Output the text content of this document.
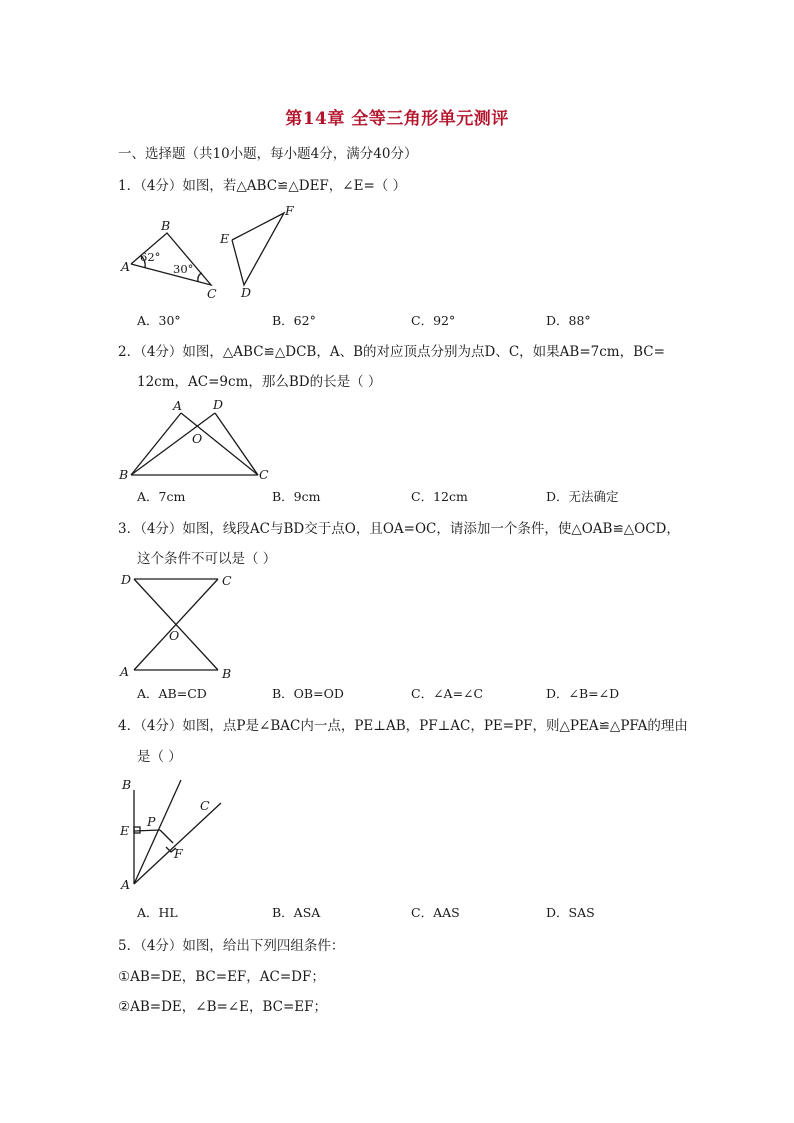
第14章 全等三角形单元测评
一、选择题（共10小题，每小题4分，满分40分）
1．（4分）如图，若△ABC≌△DEF，∠E=（ ）
A
B
C
62°
30°
E
F
D
A．30°	B．62°	C．92°	D．88°
2．（4分）如图，△ABC≌△DCB，A、B的对应顶点分别为点D、C，如果AB=7cm，BC=
12cm，AC=9cm，那么BD的长是（ ）
A D
O
B	C
A．7cm	B．9cm	C．12cm	D．无法确定
3．（4分）如图，线段AC与BD交于点O，且OA=OC，请添加一个条件，使△OAB≌△OCD，
这个条件不可以是（ ）
D	C
O
A	B
A．AB=CD	B．OB=OD	C．∠A=∠C	D．∠B=∠D
4．（4分）如图，点P是∠BAC内一点，PE⊥AB，PF⊥AC，PE=PF，则△PEA≌△PFA的理由
是（ ）
B
E
P
C
F
A
A．HL	B．ASA	C．AAS	D．SAS
5．（4分）如图，给出下列四组条件：
①AB=DE，BC=EF，AC=DF；
②AB=DE，∠B=∠E，BC=EF；
